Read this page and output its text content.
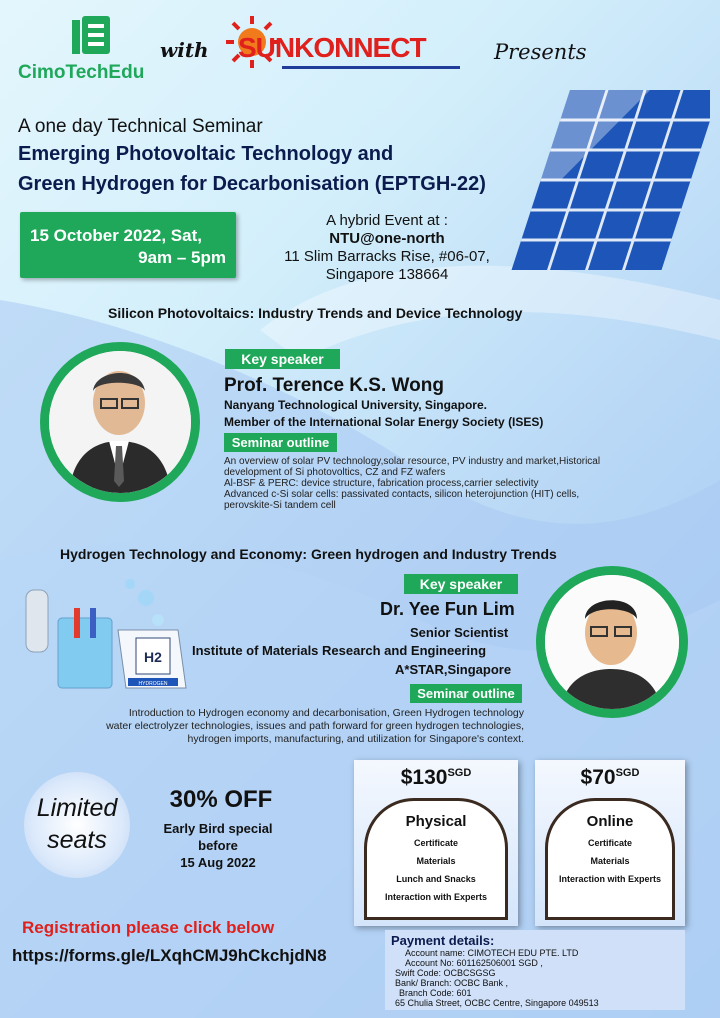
CimoTechEdu
with SUNKONNECT	Presents
A one day Technical Seminar
Emerging Photovoltaic Technology and
Green Hydrogen for Decarbonisation (EPTGH-22)
15 October 2022, Sat,
9am – 5pm
A hybrid Event at :
NTU@one-north
11 Slim Barracks Rise, #06-07,
Singapore 138664
Silicon Photovoltaics: Industry Trends and Device Technology
Key speaker
Prof. Terence K.S. Wong
Nanyang Technological University, Singapore.
Member of the International Solar Energy Society (ISES)
Seminar outline
An overview of solar PV technology,solar resource, PV industry and market,Historical
development of Si photovoltics, CZ and FZ wafers
Al-BSF & PERC: device structure, fabrication process,carrier selectivity
Advanced c-Si solar cells: passivated contacts, silicon heterojunction (HIT) cells,
perovskite-Si tandem cell
Hydrogen Technology and Economy: Green hydrogen and Industry Trends
H2
HYDROGEN
Key speaker
Dr. Yee Fun Lim
Senior Scientist
Institute of Materials Research and Engineering
A*STAR,Singapore
Seminar outline
Introduction to Hydrogen economy and decarbonisation, Green Hydrogen technology
water electrolyzer technologies, issues and path forward for green hydrogen technologies,
hydrogen imports, manufacturing, and utilization for Singapore's context.
Limited
seats
30% OFF
Early Bird special
before
15 Aug 2022
$\$130^{SGD}$
Physical
Certificate
Materials
Lunch and Snacks
Interaction with Experts
$\$70^{SGD}$
Online
Certificate
Materials
Interaction with Experts
Registration please click below
https://forms.gle/LXqhCMJ9hCkchjdN8
Payment details:
Account name: CIMOTECH EDU PTE. LTD
Account No: 601162506001 SGD ,
Swift Code: OCBCSGSG
Bank/ Branch: OCBC Bank ,
Branch Code: 601
65 Chulia Street, OCBC Centre, Singapore 049513
